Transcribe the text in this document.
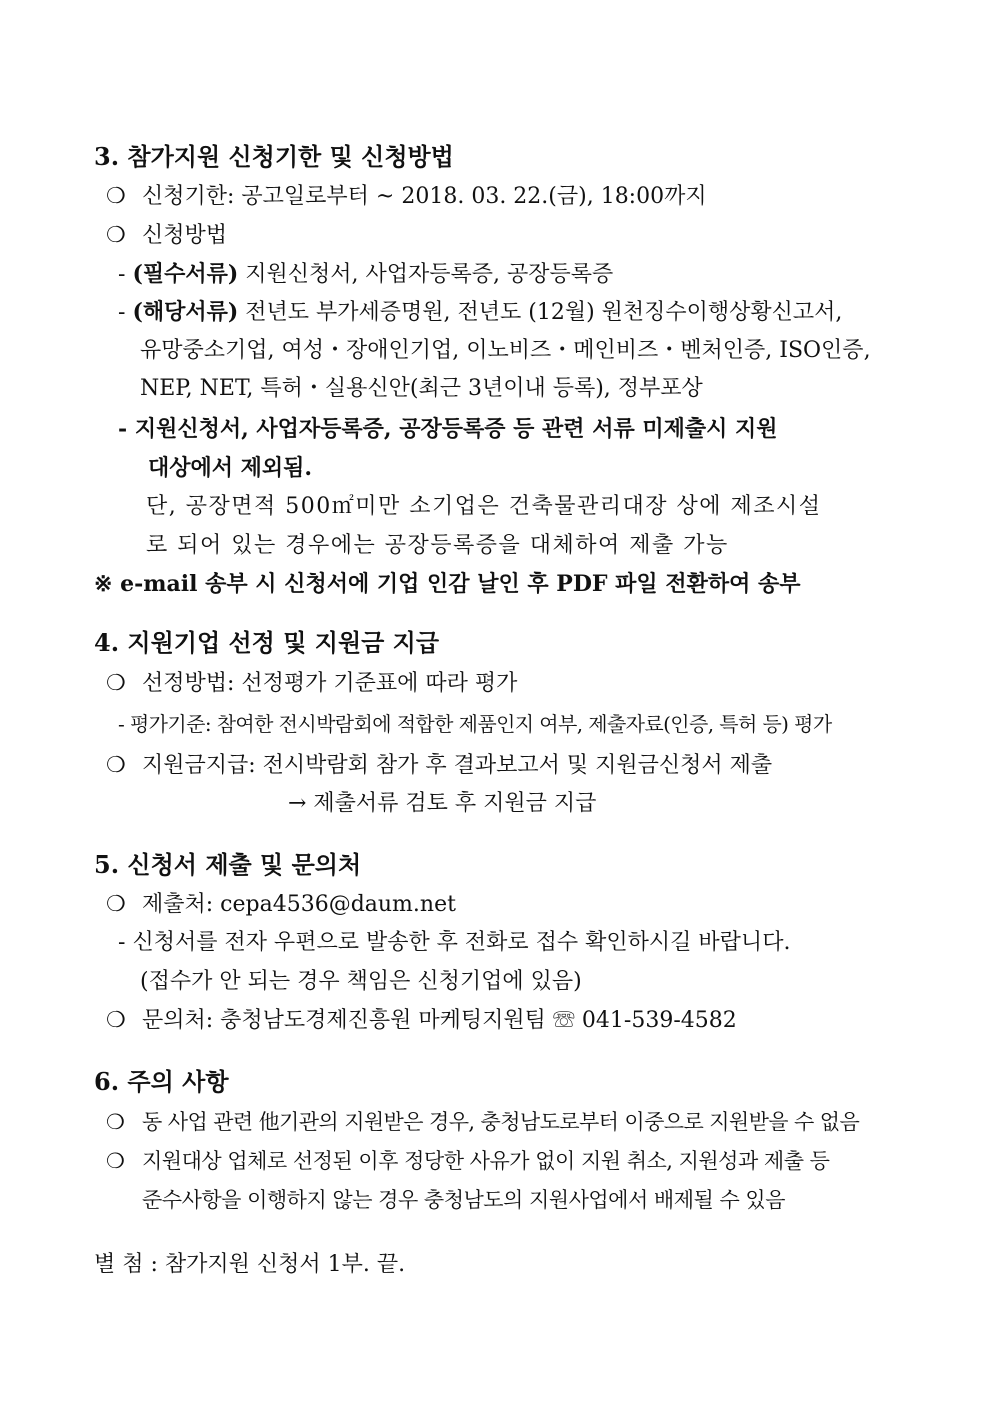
3. 참가지원 신청기한 및 신청방법
❍ 신청기한: 공고일로부터 ~ 2018. 03. 22.(금), 18:00까지
❍ 신청방법
- (필수서류) 지원신청서, 사업자등록증, 공장등록증
- (해당서류) 전년도 부가세증명원, 전년도 (12월) 원천징수이행상황신고서,
유망중소기업, 여성・장애인기업, 이노비즈・메인비즈・벤처인증, ISO인증,
NEP, NET, 특허・실용신안(최근 3년이내 등록), 정부포상
- 지원신청서, 사업자등록증, 공장등록증 등 관련 서류 미제출시 지원
대상에서 제외됨.
단, 공장면적 500㎡미만 소기업은 건축물관리대장 상에 제조시설
로 되어 있는 경우에는 공장등록증을 대체하여 제출 가능
※ e-mail 송부 시 신청서에 기업 인감 날인 후 PDF 파일 전환하여 송부
4. 지원기업 선정 및 지원금 지급
❍ 선정방법: 선정평가 기준표에 따라 평가
- 평가기준: 참여한 전시박람회에 적합한 제품인지 여부, 제출자료(인증, 특허 등) 평가
❍ 지원금지급: 전시박람회 참가 후 결과보고서 및 지원금신청서 제출
→ 제출서류 검토 후 지원금 지급
5. 신청서 제출 및 문의처
❍ 제출처: cepa4536@daum.net
- 신청서를 전자 우편으로 발송한 후 전화로 접수 확인하시길 바랍니다.
(접수가 안 되는 경우 책임은 신청기업에 있음)
❍ 문의처: 충청남도경제진흥원 마케팅지원팀 ☏ 041-539-4582
6. 주의 사항
❍ 동 사업 관련 他기관의 지원받은 경우, 충청남도로부터 이중으로 지원받을 수 없음
❍ 지원대상 업체로 선정된 이후 정당한 사유가 없이 지원 취소, 지원성과 제출 등
준수사항을 이행하지 않는 경우 충청남도의 지원사업에서 배제될 수 있음
별 첨 : 참가지원 신청서 1부. 끝.
